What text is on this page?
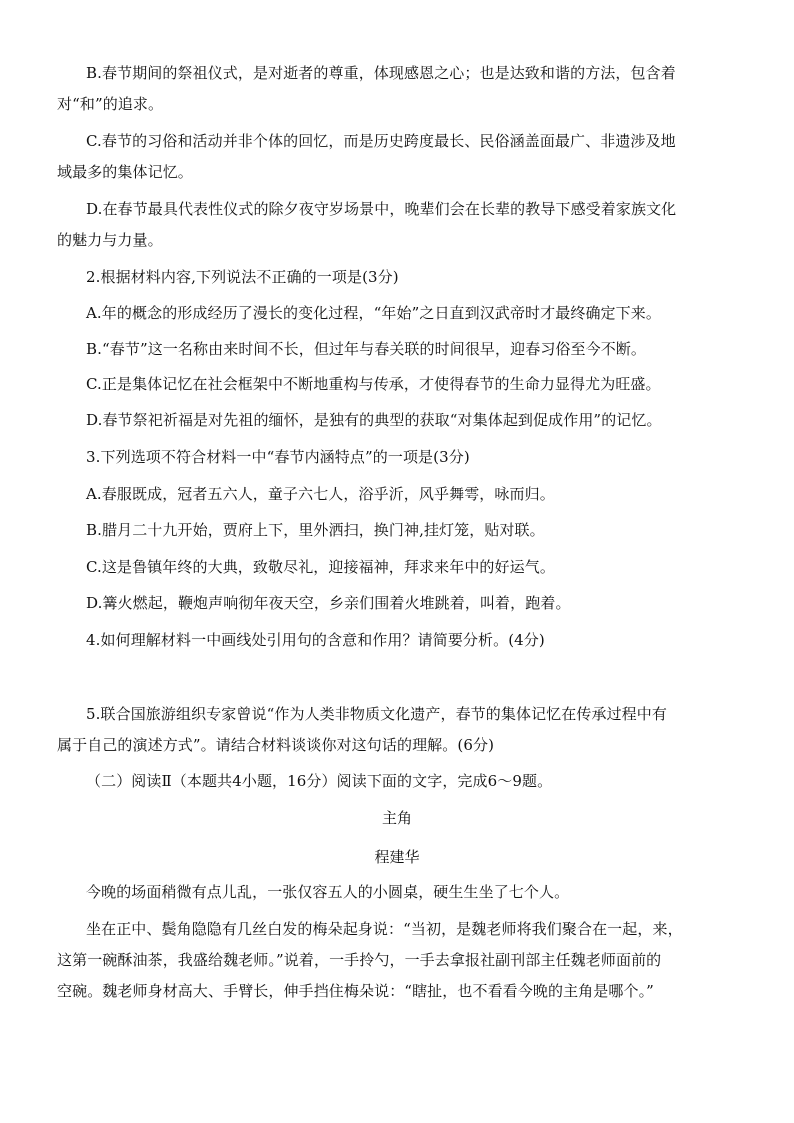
B.春节期间的祭祖仪式，是对逝者的尊重，体现感恩之心；也是达致和谐的方法，包含着
对“和”的追求。
C.春节的习俗和活动并非个体的回忆，而是历史跨度最长、民俗涵盖面最广、非遗涉及地
域最多的集体记忆。
D.在春节最具代表性仪式的除夕夜守岁场景中，晚辈们会在长辈的教导下感受着家族文化
的魅力与力量。
2.根据材料内容,下列说法不正确的一项是(3分)
A.年的概念的形成经历了漫长的变化过程，“年始”之日直到汉武帝时才最终确定下来。
B.“春节”这一名称由来时间不长，但过年与春关联的时间很早，迎春习俗至今不断。
C.正是集体记忆在社会框架中不断地重构与传承，才使得春节的生命力显得尤为旺盛。
D.春节祭祀祈福是对先祖的缅怀，是独有的典型的获取“对集体起到促成作用”的记忆。
3.下列选项不符合材料一中“春节内涵特点”的一项是(3分)
A.春服既成，冠者五六人，童子六七人，浴乎沂，风乎舞雩，咏而归。
B.腊月二十九开始，贾府上下，里外洒扫，换门神,挂灯笼，贴对联。
C.这是鲁镇年终的大典，致敬尽礼，迎接福神，拜求来年中的好运气。
D.篝火燃起，鞭炮声响彻年夜天空，乡亲们围着火堆跳着，叫着，跑着。
4.如何理解材料一中画线处引用句的含意和作用？请简要分析。(4分)
5.联合国旅游组织专家曾说“作为人类非物质文化遗产，春节的集体记忆在传承过程中有
属于自己的演述方式”。请结合材料谈谈你对这句话的理解。(6分)
（二）阅读Ⅱ（本题共4小题，16分）阅读下面的文字，完成6～9题。
主角
程建华
今晚的场面稍微有点儿乱，一张仅容五人的小圆桌，硬生生坐了七个人。
坐在正中、鬓角隐隐有几丝白发的梅朵起身说：“当初，是魏老师将我们聚合在一起，来，
这第一碗酥油茶，我盛给魏老师。”说着，一手拎勺，一手去拿报社副刊部主任魏老师面前的
空碗。魏老师身材高大、手臂长，伸手挡住梅朵说：“瞎扯，也不看看今晚的主角是哪个。”
